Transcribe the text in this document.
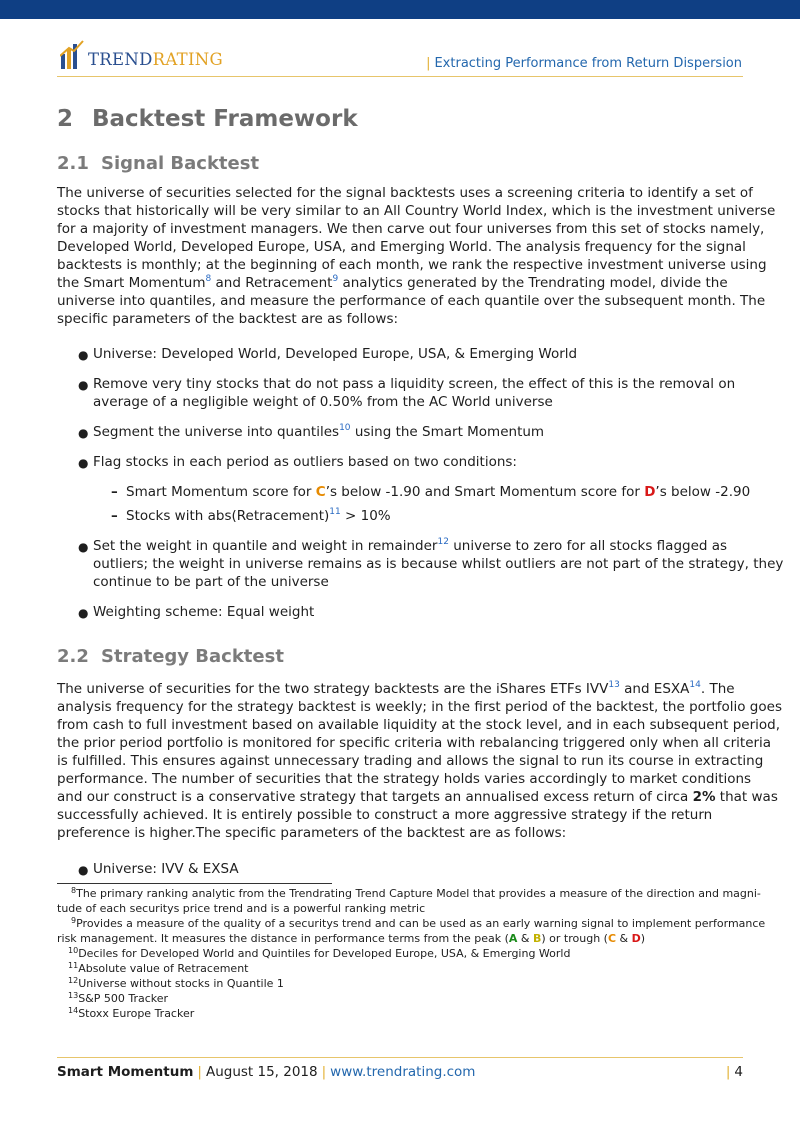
TRENDRATING	| Extracting Performance from Return Dispersion
2 Backtest Framework
2.1 Signal Backtest

The universe of securities selected for the signal backtests uses a screening criteria to identify a set of
stocks that historically will be very similar to an All Country World Index, which is the investment universe
for a majority of investment managers. We then carve out four universes from this set of stocks namely,
Developed World, Developed Europe, USA, and Emerging World. The analysis frequency for the signal
backtests is monthly; at the beginning of each month, we rank the respective investment universe using
the Smart Momentum$^8$ and Retracement$^9$ analytics generated by the Trendrating model, divide the
universe into quantiles, and measure the performance of each quantile over the subsequent month. The
specific parameters of the backtest are as follows:

● Universe: Developed World, Developed Europe, USA, & Emerging World
● Remove very tiny stocks that do not pass a liquidity screen, the effect of this is the removal on
average of a negligible weight of 0.50% from the AC World universe
● Segment the universe into quantiles$^{10}$ using the Smart Momentum
● Flag stocks in each period as outliers based on two conditions:
– Smart Momentum score for C’s below -1.90 and Smart Momentum score for D’s below -2.90
– Stocks with abs(Retracement)$^{11}$ > 10%
● Set the weight in quantile and weight in remainder$^{12}$ universe to zero for all stocks flagged as
outliers; the weight in universe remains as is because whilst outliers are not part of the strategy, they
continue to be part of the universe
● Weighting scheme: Equal weight
2.2 Strategy Backtest

The universe of securities for the two strategy backtests are the iShares ETFs IVV$^{13}$ and ESXA$^{14}$. The
analysis frequency for the strategy backtest is weekly; in the first period of the backtest, the portfolio goes
from cash to full investment based on available liquidity at the stock level, and in each subsequent period,
the prior period portfolio is monitored for specific criteria with rebalancing triggered only when all criteria
is fulfilled. This ensures against unnecessary trading and allows the signal to run its course in extracting
performance. The number of securities that the strategy holds varies accordingly to market conditions
and our construct is a conservative strategy that targets an annualised excess return of circa 2% that was
successfully achieved. It is entirely possible to construct a more aggressive strategy if the return
preference is higher.The specific parameters of the backtest are as follows:

● Universe: IVV & EXSA
$^8$The primary ranking analytic from the Trendrating Trend Capture Model that provides a measure of the direction and magni-
tude of each securitys price trend and is a powerful ranking metric
$^9$Provides a measure of the quality of a securitys trend and can be used as an early warning signal to implement performance
risk management. It measures the distance in performance terms from the peak (A & B) or trough (C & D)
$^{10}$Deciles for Developed World and Quintiles for Developed Europe, USA, & Emerging World
$^{11}$Absolute value of Retracement
$^{12}$Universe without stocks in Quantile 1
$^{13}$S&P 500 Tracker
$^{14}$Stoxx Europe Tracker
Smart Momentum | August 15, 2018 | www.trendrating.com	| 4
